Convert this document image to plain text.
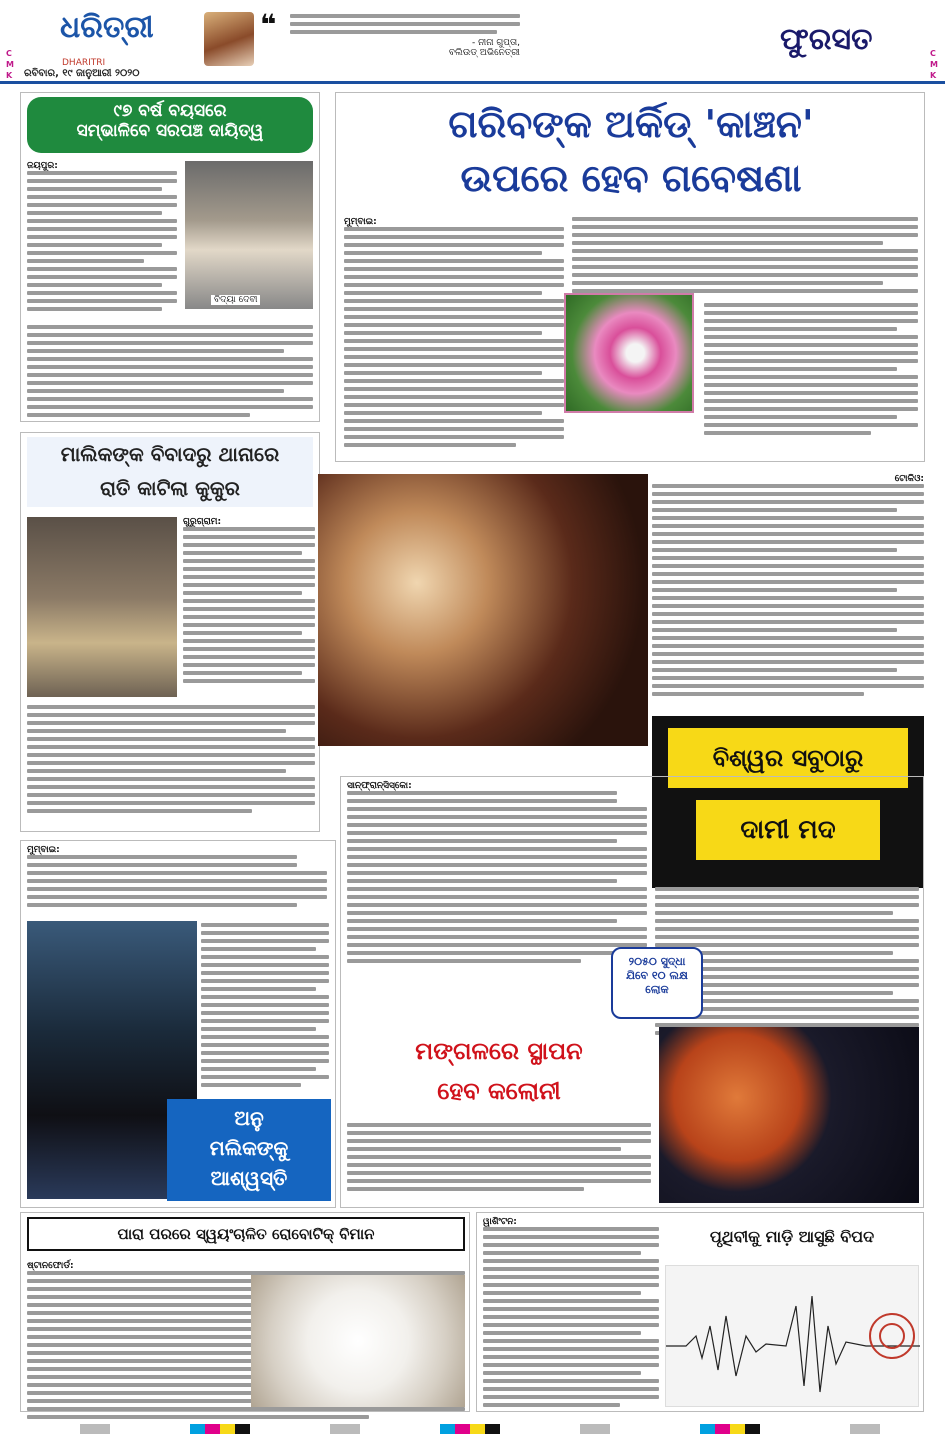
C
M
K
ଧରିତ୍ରୀ
DHARITRI
ରବିବାର, ୧୯ ଜାନୁଆରୀ ୨୦୨୦
❝
- ନୀନା ଗୁପ୍ତା,
ବଲିଉଡ୍ ଅଭିନେତ୍ରୀ	ଫୁରସତ	C
M
K
୯୭ ବର୍ଷ ବୟସରେ
ସମ୍ଭାଳିବେ ସରପଞ୍ଚ ଦାୟିତ୍ୱ
ଜୟପୁର:
ବିଦ୍ୟା ଦେବୀ
ଗରିବଙ୍କ ଅର୍କିଡ୍ 'କାଞ୍ଚନ'
ଉପରେ ହେବ ଗବେଷଣା
ମୁମ୍ବାଇ:
ମାଲିକଙ୍କ ବିବାଦରୁ ଥାନାରେ
ରାତି କାଟିଲା କୁକୁର
ଗୁରୁଗ୍ରାମ:
ଟୋକିଓ:
ବିଶ୍ୱର ସବୁଠାରୁ
ଦାମୀ ମଦ
ମୁମ୍ବାଇ:
ଅନୁ
ମଲିକଙ୍କୁ
ଆଶ୍ୱସ୍ତି
ସାନ୍‌ଫ୍ରାନ୍ସିସ୍କୋ:
୨୦୫୦ ସୁଦ୍ଧା ଯିବେ ୧୦ ଲକ୍ଷ ଲୋକ
ମଙ୍ଗଳରେ ସ୍ଥାପନ
ହେବ କଲୋନୀ
ପାରା ପରରେ ସ୍ୱୟଂଚାଳିତ ରୋବୋଟିକ୍ ବିମାନ
ଷ୍ଟାନଫୋର୍ଡ:
ୱାଶିଂଟନ:
ପୃଥିବୀକୁ ମାଡ଼ି ଆସୁଛି ବିପଦ
